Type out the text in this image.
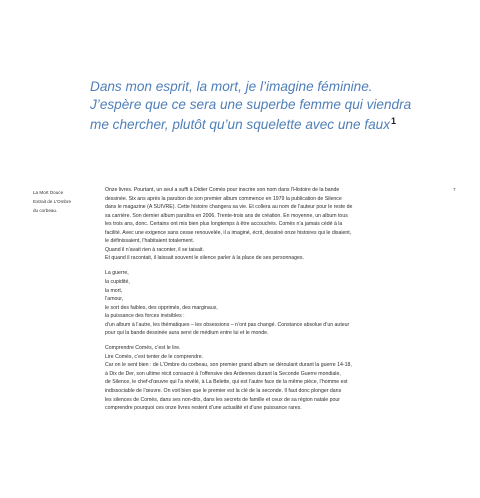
Dans mon esprit, la mort, je l’imagine féminine.
J’espère que ce sera une superbe femme qui viendra
me chercher, plutôt qu’un squelette avec une faux$^1$
La Mort Douce
Extrait de L’Ombre
du corbeau.
7
Onze livres. Pourtant, un seul a suffi à Didier Comès pour inscrire son nom dans l’Histoire de la bande
dessinée. Six ans après la parution de son premier album commence en 1979 la publication de Silence
dans le magazine (A SUIVRE). Cette histoire changera sa vie. Et collera au nom de l’auteur pour le reste de
sa carrière. Son dernier album paraîtra en 2006. Trente-trois ans de création. En moyenne, un album tous
les trois ans, donc. Certains ont mis bien plus longtemps à être accouchés. Comès n’a jamais cédé à la
facilité. Avec une exigence sans cesse renouvelée, il a imaginé, écrit, dessiné onze histoires qui le disaient,
le définissaient, l’habitaient totalement.
Quand il n’avait rien à raconter, il se taisait.
Et quand il racontait, il laissait souvent le silence parler à la place de ses personnages.
La guerre,
la cupidité,
la mort,
l’amour,
le sort des faibles, des opprimés, des marginaux,
la puissance des forces invisibles :
d’un album à l’autre, les thématiques – les obsessions – n’ont pas changé. Constance absolue d’un auteur
pour qui la bande dessinée aura servi de médium entre lui et le monde.
Comprendre Comès, c’est le lire.
Lire Comès, c’est tenter de le comprendre.
Car on le sent bien : de L’Ombre du corbeau, son premier grand album se déroulant durant la guerre 14-18,
à Dix de Der, son ultime récit consacré à l’offensive des Ardennes durant la Seconde Guerre mondiale,
de Silence, le chef-d’œuvre qui l’a révélé, à La Belette, qui est l’autre face de la même pièce, l’homme est
indissociable de l’œuvre. On voit bien que le premier est la clé de la seconde. Il faut donc plonger dans
les silences de Comès, dans ses non-dits, dans les secrets de famille et ceux de sa région natale pour
comprendre pourquoi ces onze livres restent d’une actualité et d’une puissance rares.
